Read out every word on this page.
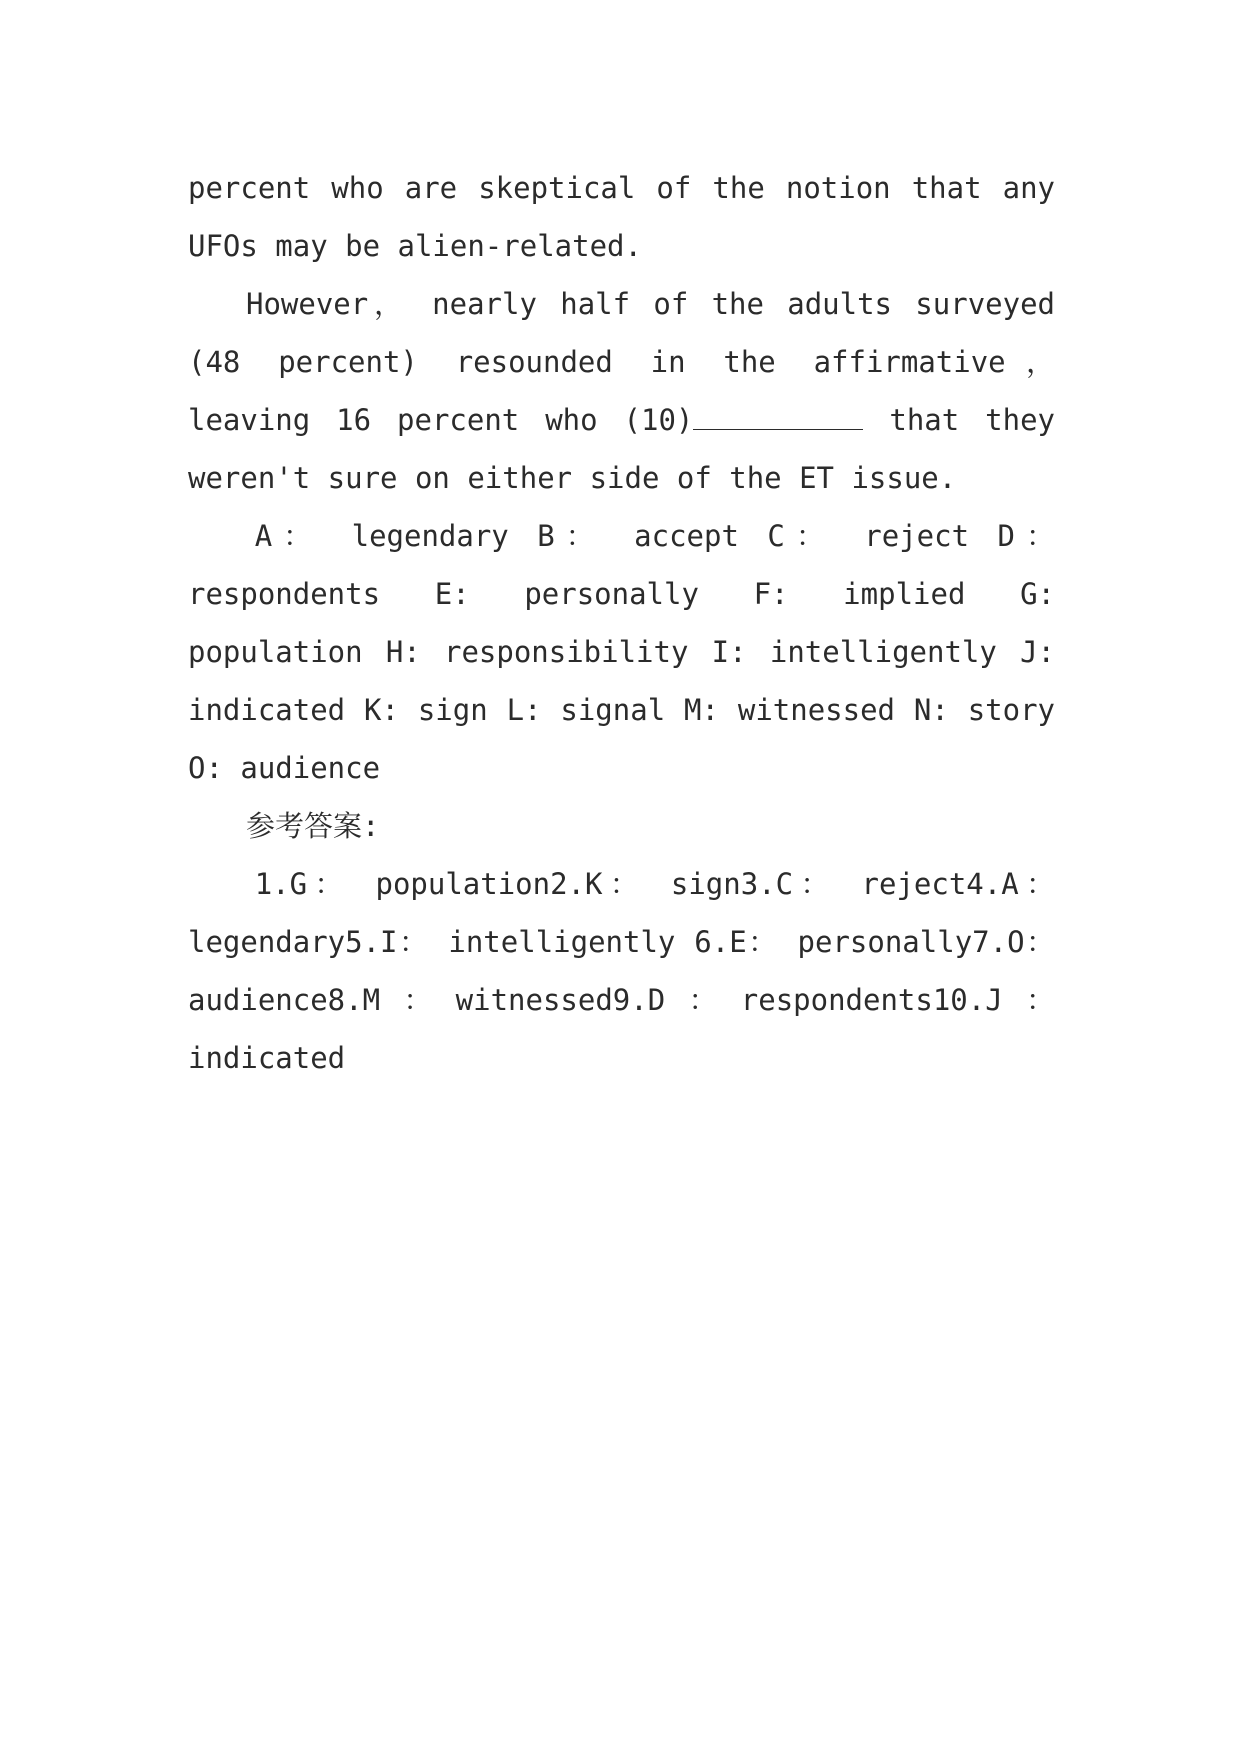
percent who are skeptical of the notion that any UFOs may be alien-related.

However， nearly half of the adults surveyed (48 percent) resounded in the affirmative， leaving 16 percent who (10)	that they weren't sure on either side of the ET issue.

A： legendary B： accept C： reject D： respondents E: personally F: implied G: population H: responsibility I: intelligently J: indicated K: sign L: signal M: witnessed N: story O: audience

参考答案:

1.G： population2.K： sign3.C： reject4.A： legendary5.I： intelligently 6.E： personally7.O： audience8.M：witnessed9.D：respondents10.J：indicated
